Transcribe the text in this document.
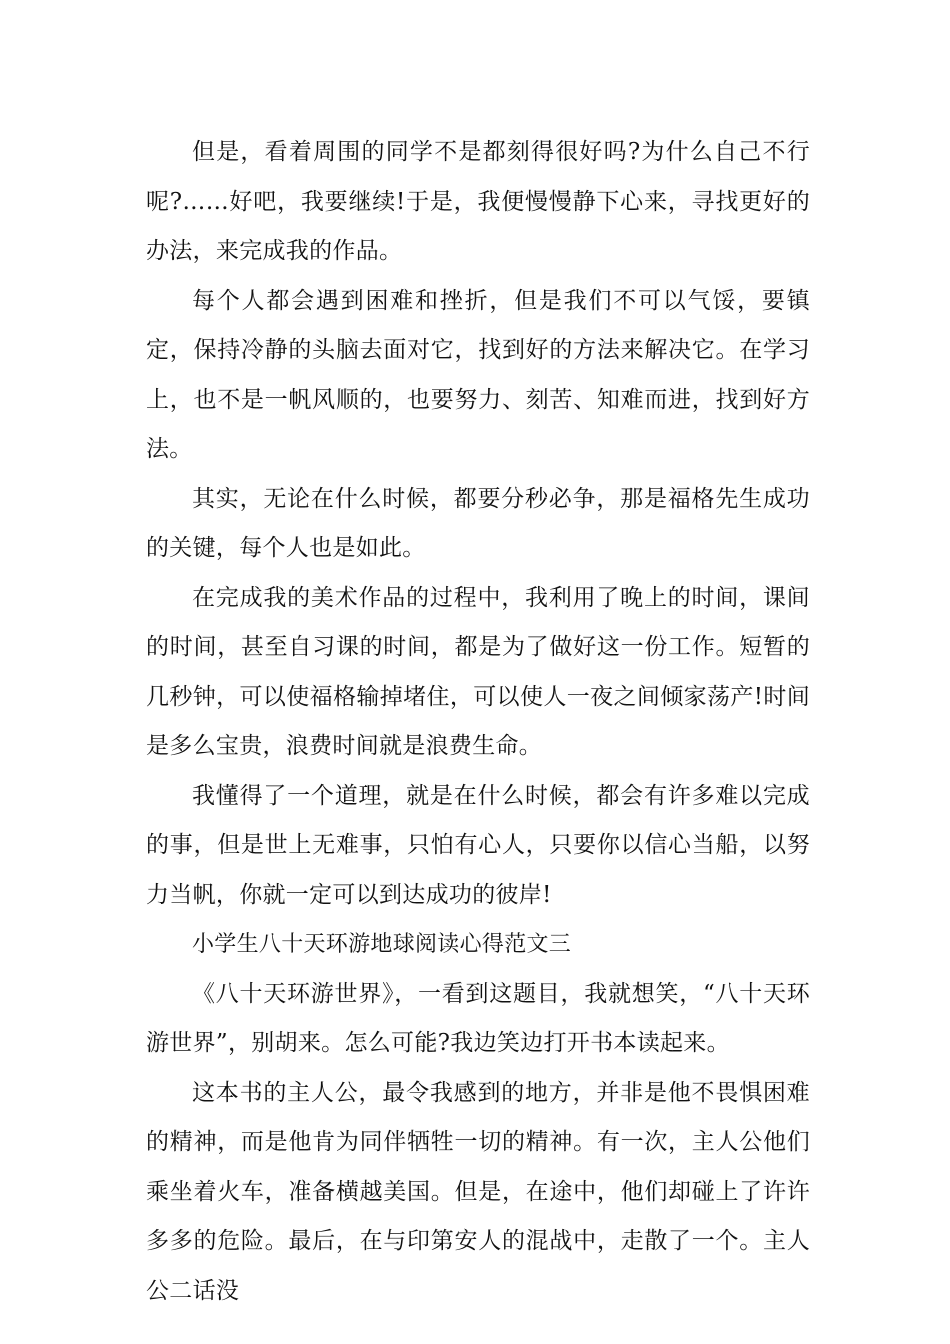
但是，看着周围的同学不是都刻得很好吗?为什么自己不行呢?……好吧，我要继续!于是，我便慢慢静下心来，寻找更好的办法，来完成我的作品。

每个人都会遇到困难和挫折，但是我们不可以气馁，要镇定，保持冷静的头脑去面对它，找到好的方法来解决它。在学习上，也不是一帆风顺的，也要努力、刻苦、知难而进，找到好方法。

其实，无论在什么时候，都要分秒必争，那是福格先生成功的关键，每个人也是如此。

在完成我的美术作品的过程中，我利用了晚上的时间，课间的时间，甚至自习课的时间，都是为了做好这一份工作。短暂的几秒钟，可以使福格输掉堵住，可以使人一夜之间倾家荡产!时间是多么宝贵，浪费时间就是浪费生命。

我懂得了一个道理，就是在什么时候，都会有许多难以完成的事，但是世上无难事，只怕有心人，只要你以信心当船，以努力当帆，你就一定可以到达成功的彼岸!

小学生八十天环游地球阅读心得范文三

《八十天环游世界》，一看到这题目，我就想笑，“八十天环游世界”，别胡来。怎么可能?我边笑边打开书本读起来。

这本书的主人公，最令我感到的地方，并非是他不畏惧困难的精神，而是他肯为同伴牺牲一切的精神。有一次，主人公他们乘坐着火车，准备横越美国。但是，在途中，他们却碰上了许许多多的危险。最后，在与印第安人的混战中，走散了一个。主人公二话没
